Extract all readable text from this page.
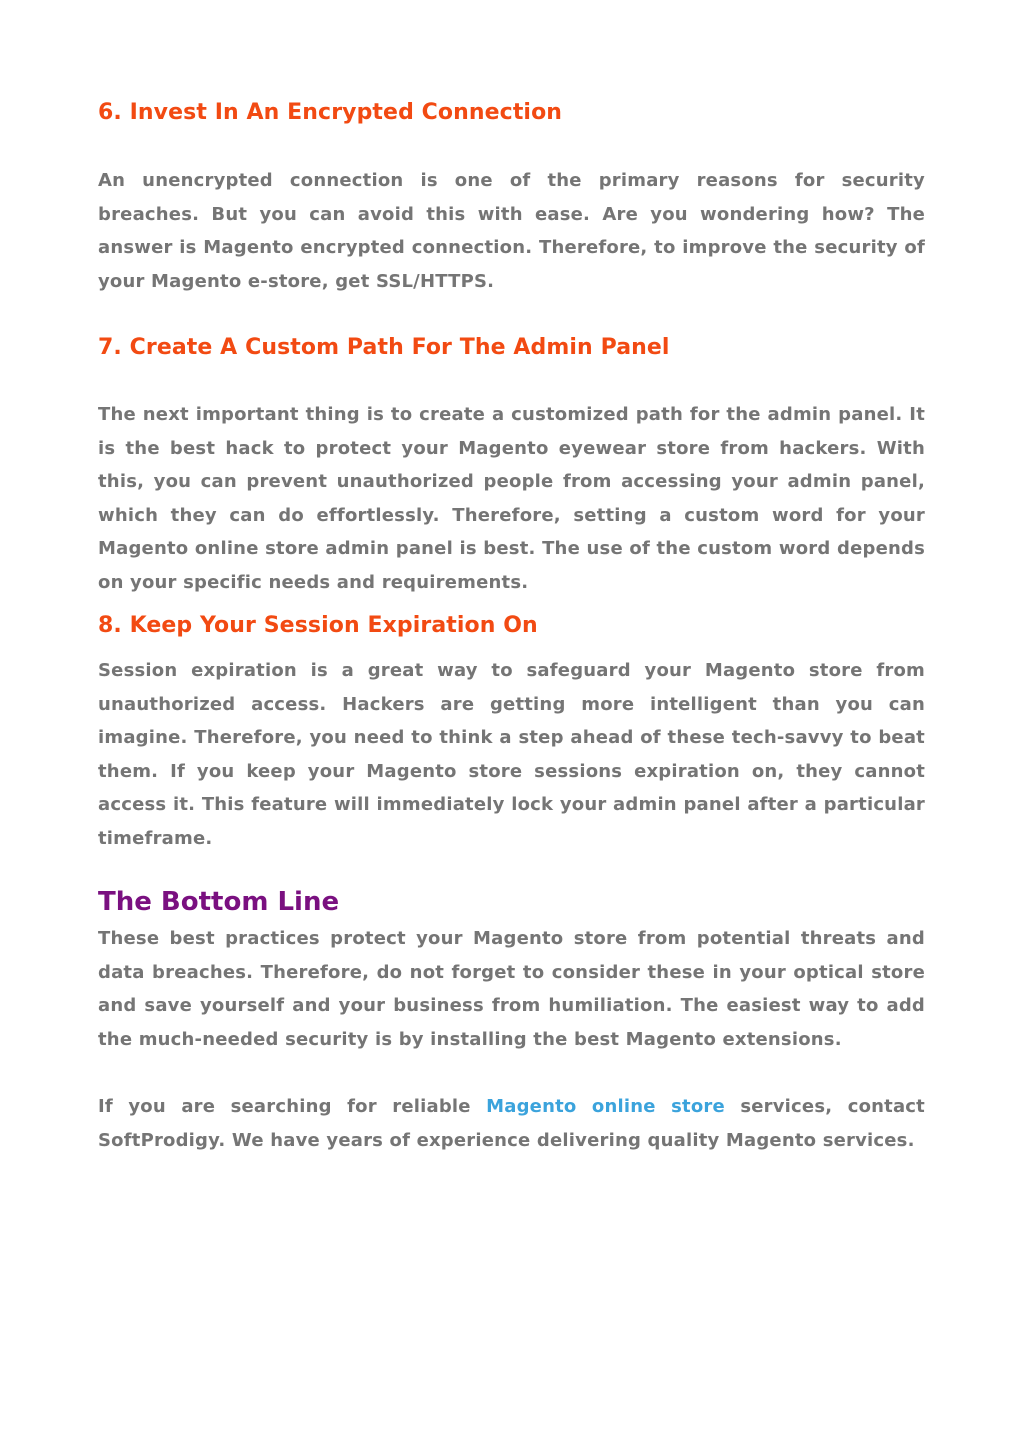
6. Invest In An Encrypted Connection

An unencrypted connection is one of the primary reasons for security breaches. But you can avoid this with ease. Are you wondering how? The answer is Magento encrypted connection. Therefore, to improve the security of your Magento e-store, get SSL/HTTPS.

7. Create A Custom Path For The Admin Panel

The next important thing is to create a customized path for the admin panel. It is the best hack to protect your Magento eyewear store from hackers. With this, you can prevent unauthorized people from accessing your admin panel, which they can do effortlessly. Therefore, setting a custom word for your Magento online store admin panel is best. The use of the custom word depends on your specific needs and requirements.

8. Keep Your Session Expiration On

Session expiration is a great way to safeguard your Magento store from unauthorized access. Hackers are getting more intelligent than you can imagine. Therefore, you need to think a step ahead of these tech-savvy to beat them. If you keep your Magento store sessions expiration on, they cannot access it. This feature will immediately lock your admin panel after a particular timeframe.

The Bottom Line

These best practices protect your Magento store from potential threats and data breaches. Therefore, do not forget to consider these in your optical store and save yourself and your business from humiliation. The easiest way to add the much-needed security is by installing the best Magento extensions.

If you are searching for reliable Magento online store services, contact SoftProdigy. We have years of experience delivering quality Magento services.
